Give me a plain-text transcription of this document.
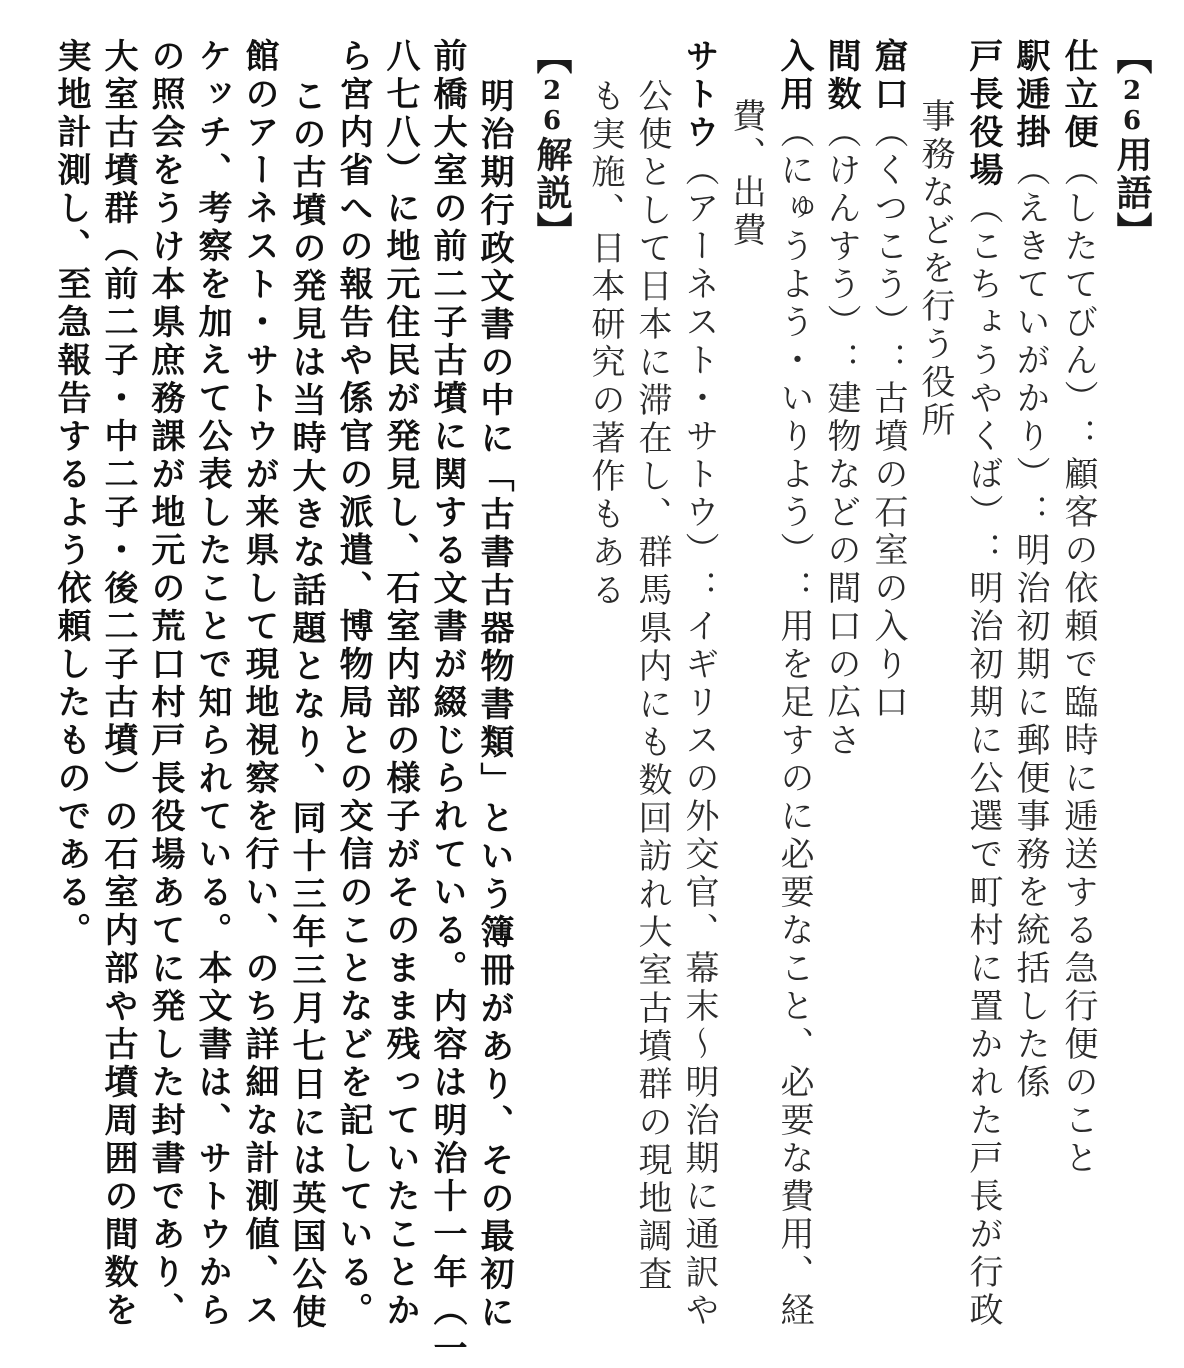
【26用語】
仕立便（したてびん）：顧客の依頼で臨時に逓送する急行便のこと
駅逓掛（えきていがかり）：明治初期に郵便事務を統括した係
戸長役場（こちょうやくば）：明治初期に公選で町村に置かれた戸長が行政
事務などを行う役所
窟口（くつこう）：古墳の石室の入り口
間数（けんすう）：建物などの間口の広さ
入用（にゅうよう・いりよう）：用を足すのに必要なこと、必要な費用、経
費、出費
サトウ（アーネスト・サトウ）：イギリスの外交官、幕末～明治期に通訳や
公使として日本に滞在し、群馬県内にも数回訪れ大室古墳群の現地調査
も実施、日本研究の著作もある
【26解説】
明治期行政文書の中に「古書古器物書類」という簿冊があり、その最初に
前橋大室の前二子古墳に関する文書が綴じられている。内容は明治十一年（一
八七八）に地元住民が発見し、石室内部の様子がそのまま残っていたことか
ら宮内省への報告や係官の派遣、博物局との交信のことなどを記している。
この古墳の発見は当時大きな話題となり、同十三年三月七日には英国公使
館のアーネスト・サトウが来県して現地視察を行い、のち詳細な計測値、ス
ケッチ、考察を加えて公表したことで知られている。本文書は、サトウから
の照会をうけ本県庶務課が地元の荒口村戸長役場あてに発した封書であり、
大室古墳群（前二子・中二子・後二子古墳）の石室内部や古墳周囲の間数を
実地計測し、至急報告するよう依頼したものである。
